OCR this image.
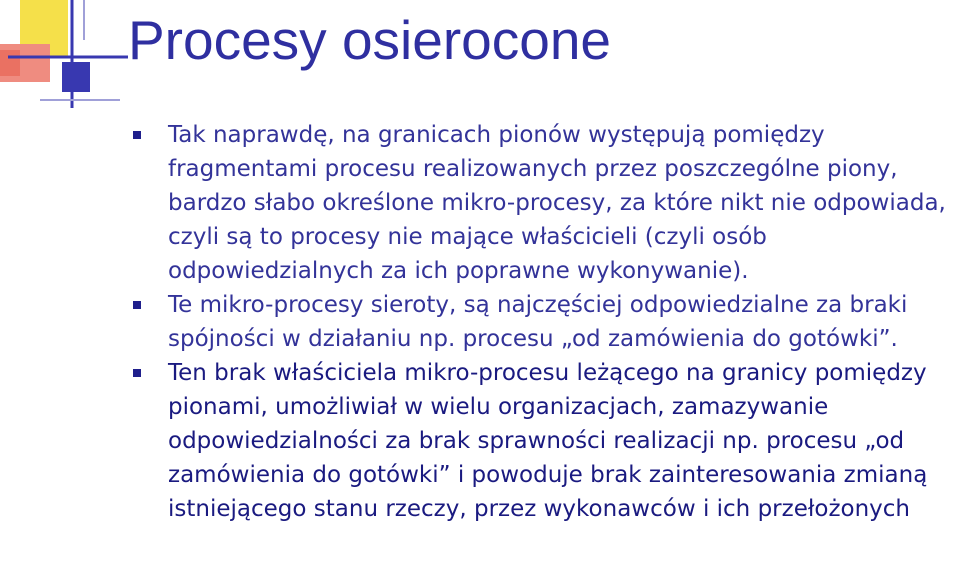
Procesy osierocone
Tak naprawdę, na granicach pionów występują pomiędzy fragmentami procesu realizowanych przez poszczególne piony, bardzo słabo określone mikro-procesy, za które nikt nie odpowiada, czyli są to procesy nie mające właścicieli (czyli osób odpowiedzialnych za ich poprawne wykonywanie).
Te mikro-procesy sieroty, są najczęściej odpowiedzialne za braki spójności w działaniu np. procesu „od zamówienia do gotówki”.
Ten brak właściciela mikro-procesu leżącego na granicy pomiędzy pionami, umożliwiał w wielu organizacjach, zamazywanie odpowiedzialności za brak sprawności realizacji np. procesu „od zamówienia do gotówki” i powoduje brak zainteresowania zmianą istniejącego stanu rzeczy, przez wykonawców i ich przełożonych
